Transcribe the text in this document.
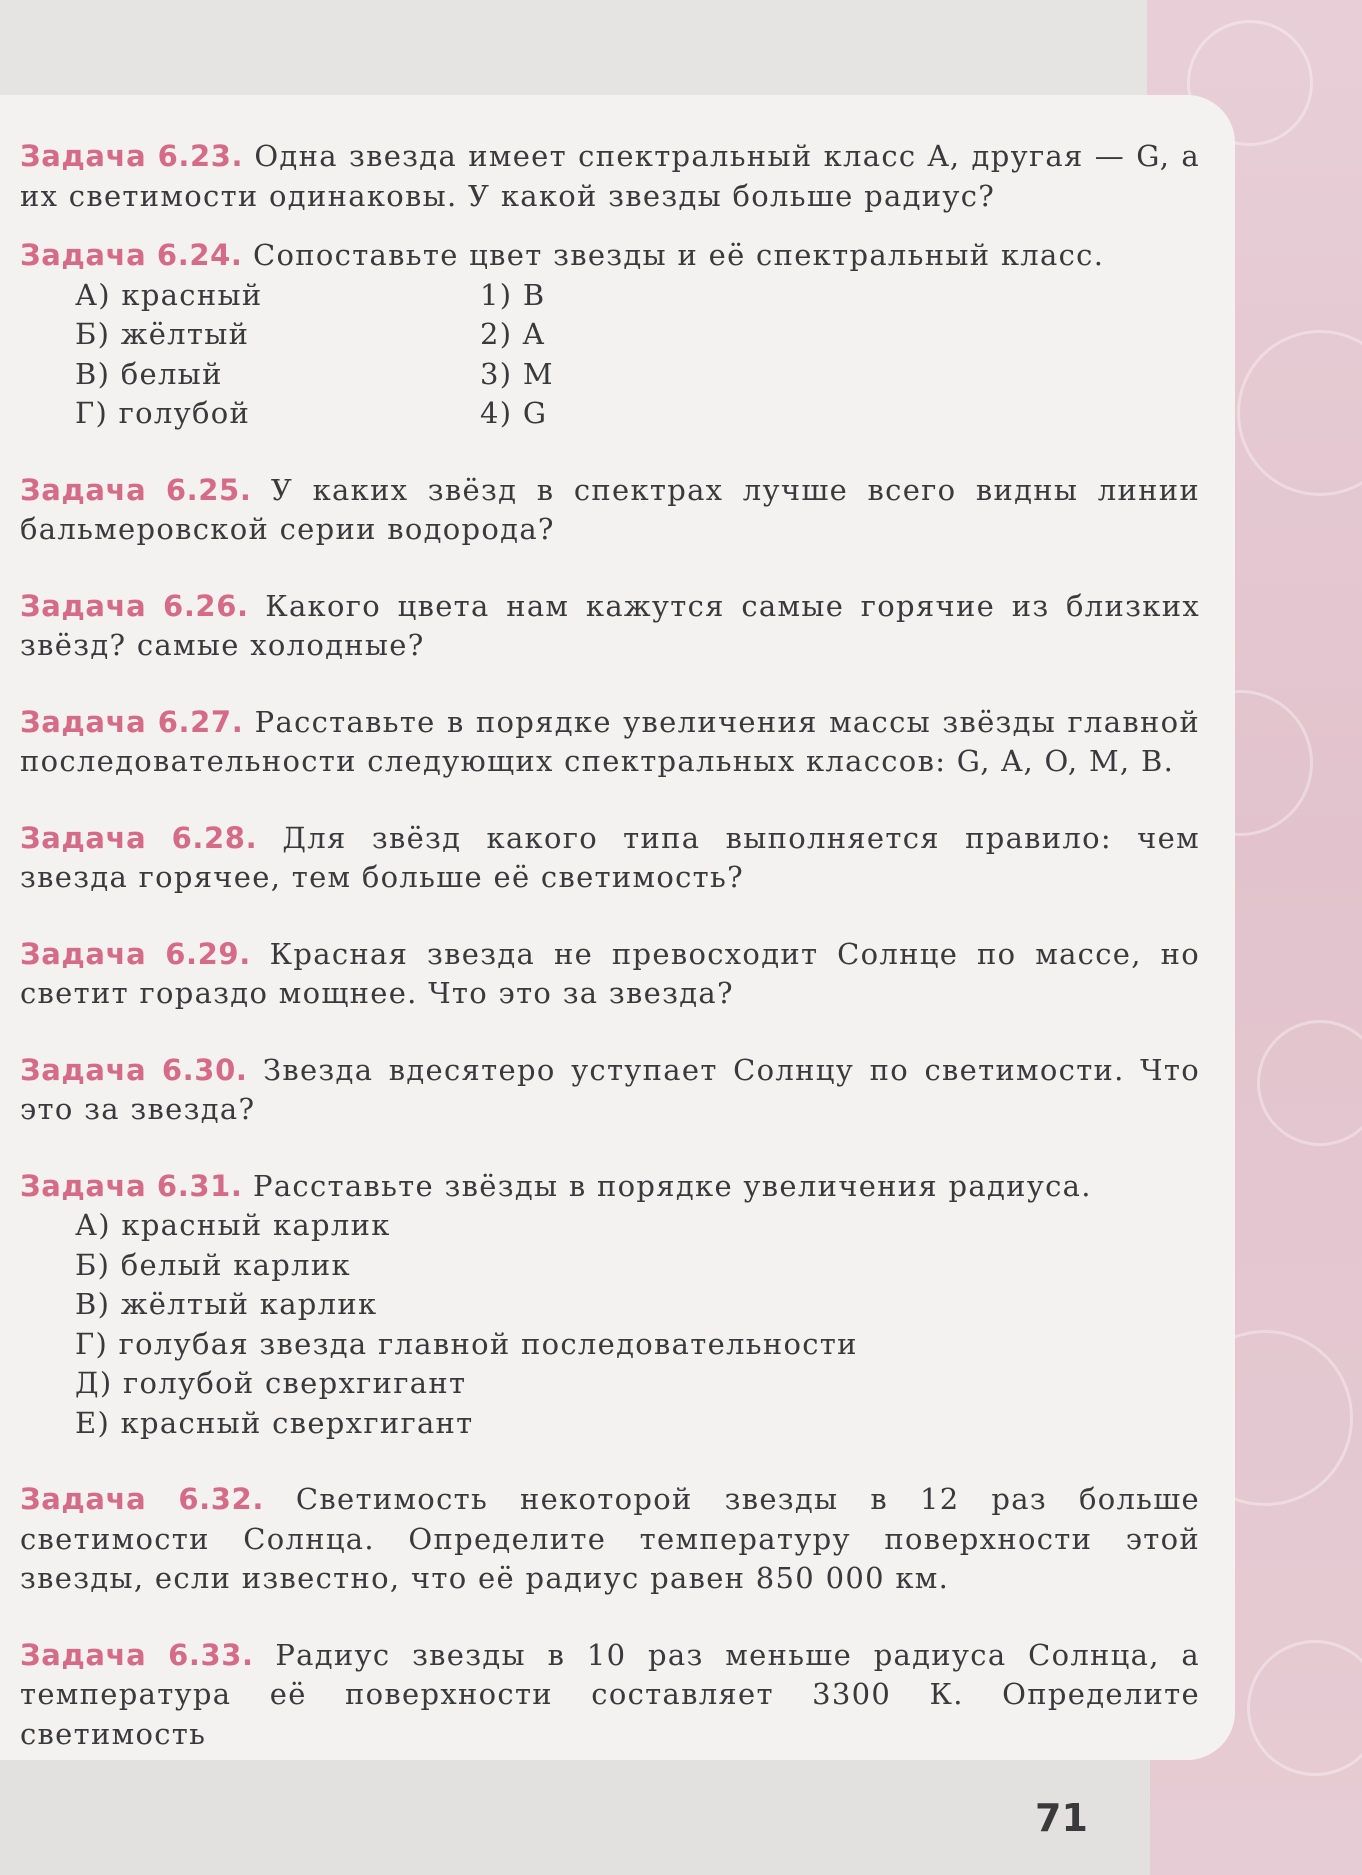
Задача 6.23. Одна звезда имеет спектральный класс A, другая — G, а их светимости одинаковы. У какой звезды больше радиус?

Задача 6.24. Сопоставьте цвет звезды и её спектральный класс.

А) красный	1) B
Б) жёлтый	2) A
В) белый	3) M
Г) голубой	4) G

Задача 6.25. У каких звёзд в спектрах лучше всего видны линии бальмеровской серии водорода?

Задача 6.26. Какого цвета нам кажутся самые горячие из близких звёзд? самые холодные?

Задача 6.27. Расставьте в порядке увеличения массы звёзды главной последовательности следующих спектральных классов: G, A, O, M, B.

Задача 6.28. Для звёзд какого типа выполняется правило: чем звезда горячее, тем больше её светимость?

Задача 6.29. Красная звезда не превосходит Солнце по массе, но светит гораздо мощнее. Что это за звезда?

Задача 6.30. Звезда вдесятеро уступает Солнцу по светимости. Что это за звезда?

Задача 6.31. Расставьте звёзды в порядке увеличения радиуса.

А) красный карлик
Б) белый карлик
В) жёлтый карлик
Г) голубая звезда главной последовательности
Д) голубой сверхгигант
Е) красный сверхгигант

Задача 6.32. Светимость некоторой звезды в 12 раз больше светимости Солнца. Определите температуру поверхности этой звезды, если известно, что её радиус равен 850 000 км.

Задача 6.33. Радиус звезды в 10 раз меньше радиуса Солнца, а температура её поверхности составляет 3300 К. Определите светимость

71
